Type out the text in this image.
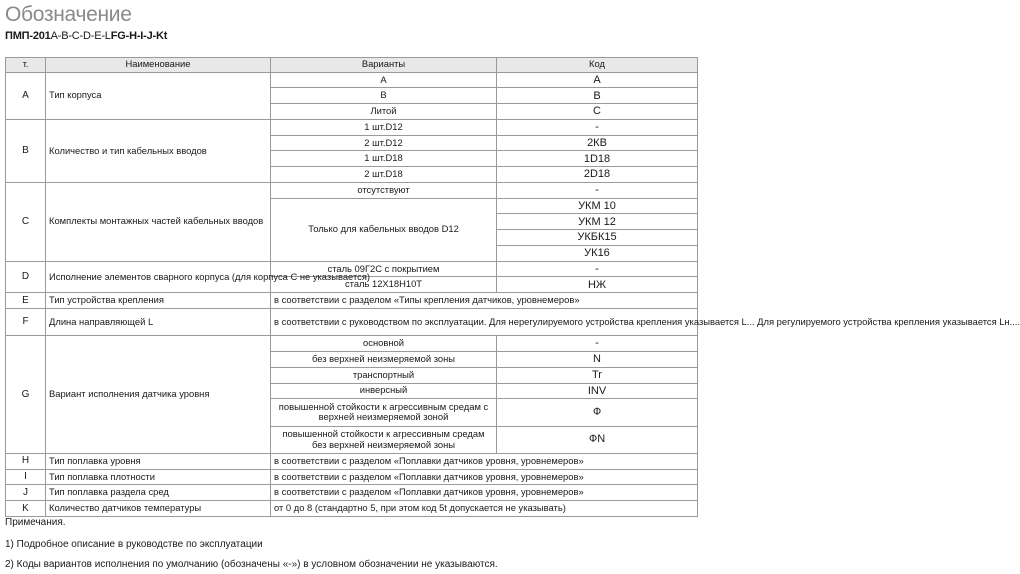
Обозначение
ПМП-201A-B-C-D-E-LFG-H-I-J-Kt
т.	Наименование	Варианты	Код
A	Тип корпуса	A	A
		B	B
		Литой	C
B	Количество и тип кабельных вводов	1 шт.D12	-
		2 шт.D12	2КВ
		1 шт.D18	1D18
		2 шт.D18	2D18
C	Комплекты монтажных частей кабельных вводов	отсутствуют	-
		Только для кабельных вводов D12	УКМ 10
			УКМ 12
			УКБК15
			УК16
D	Исполнение элементов сварного корпуса (для корпуса С не указывается)	сталь 09Г2С с покрытием	-
		сталь 12Х18Н10Т	НЖ
E	Тип устройства крепления	в соответствии с разделом «Типы крепления датчиков, уровнемеров»	
F	Длина направляющей L	в соответствии с руководством по эксплуатации. Для нерегулируемого устройства крепления указывается L... Для регулируемого устройства крепления указывается Lн....	
G	Вариант исполнения датчика уровня	основной	-
		без верхней неизмеряемой зоны	N
		транспортный	Tr
		инверсный	INV
		повышенной стойкости к агрессивным средам с верхней неизмеряемой зоной	Ф
		повышенной стойкости к агрессивным средам без верхней неизмеряемой зоны	ФN
H	Тип поплавка уровня	в соответствии с разделом «Поплавки датчиков уровня, уровнемеров»	
I	Тип поплавка плотности	в соответствии с разделом «Поплавки датчиков уровня, уровнемеров»	
J	Тип поплавка раздела сред	в соответствии с разделом «Поплавки датчиков уровня, уровнемеров»	
K	Количество датчиков температуры	от 0 до 8 (стандартно 5, при этом код 5t допускается не указывать)	
Примечания.
1) Подробное описание в руководстве по эксплуатации
2) Коды вариантов исполнения по умолчанию (обозначены «-») в условном обозначении не указываются.
